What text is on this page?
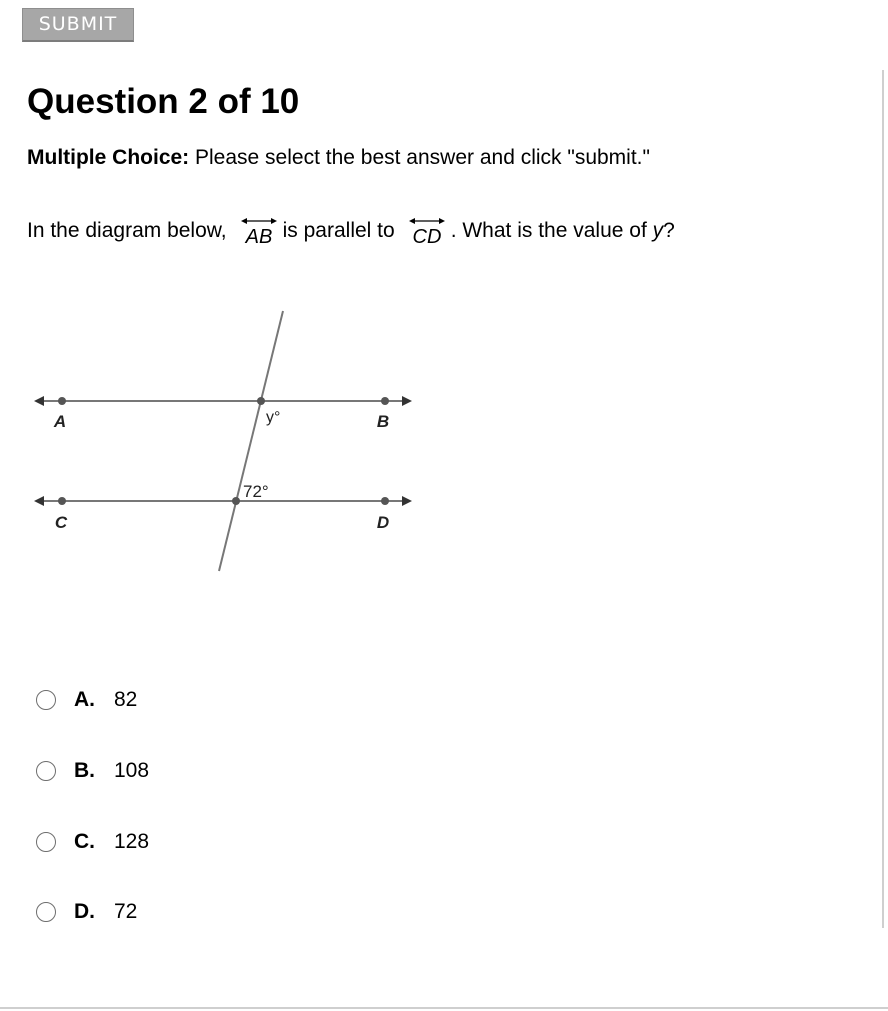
SUBMIT
Question 2 of 10
Multiple Choice: Please select the best answer and click "submit."
In the diagram below, AB is parallel to CD . What is the value of y ?
A	B
C	D
y°
72°
A. 82
B. 108
C. 128
D. 72
